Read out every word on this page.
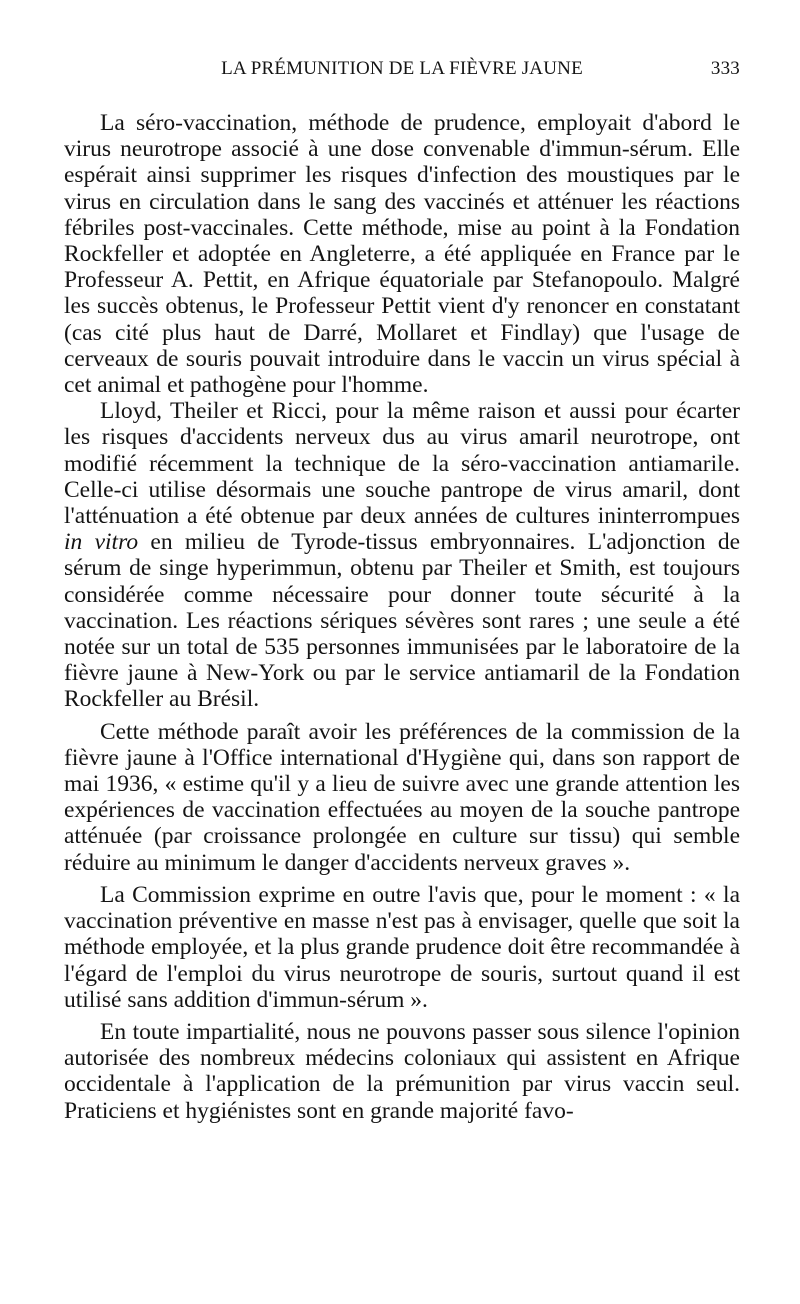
LA PRÉMUNITION DE LA FIÈVRE JAUNE	333

La séro-vaccination, méthode de prudence, employait d'abord le virus neurotrope associé à une dose convenable d'immun-sérum. Elle espérait ainsi supprimer les risques d'infection des moustiques par le virus en circulation dans le sang des vaccinés et atténuer les réactions fébriles post-vaccinales. Cette méthode, mise au point à la Fondation Rockfeller et adoptée en Angleterre, a été appliquée en France par le Professeur A. Pettit, en Afrique équatoriale par Stefanopoulo. Malgré les succès obtenus, le Professeur Pettit vient d'y renoncer en constatant (cas cité plus haut de Darré, Mollaret et Findlay) que l'usage de cerveaux de souris pouvait introduire dans le vaccin un virus spécial à cet animal et pathogène pour l'homme.

Lloyd, Theiler et Ricci, pour la même raison et aussi pour écarter les risques d'accidents nerveux dus au virus amaril neurotrope, ont modifié récemment la technique de la séro-vaccination antiamarile. Celle-ci utilise désormais une souche pantrope de virus amaril, dont l'atténuation a été obtenue par deux années de cultures ininterrompues in vitro en milieu de Tyrode-tissus embryonnaires. L'adjonction de sérum de singe hyperimmun, obtenu par Theiler et Smith, est toujours considérée comme nécessaire pour donner toute sécurité à la vaccination. Les réactions sériques sévères sont rares ; une seule a été notée sur un total de 535 personnes immunisées par le laboratoire de la fièvre jaune à New-York ou par le service antiamaril de la Fondation Rockfeller au Brésil.

Cette méthode paraît avoir les préférences de la commission de la fièvre jaune à l'Office international d'Hygiène qui, dans son rapport de mai 1936, « estime qu'il y a lieu de suivre avec une grande attention les expériences de vaccination effectuées au moyen de la souche pantrope atténuée (par croissance prolongée en culture sur tissu) qui semble réduire au minimum le danger d'accidents nerveux graves ».

La Commission exprime en outre l'avis que, pour le moment : « la vaccination préventive en masse n'est pas à envisager, quelle que soit la méthode employée, et la plus grande prudence doit être recommandée à l'égard de l'emploi du virus neurotrope de souris, surtout quand il est utilisé sans addition d'immun-sérum ».

En toute impartialité, nous ne pouvons passer sous silence l'opinion autorisée des nombreux médecins coloniaux qui assistent en Afrique occidentale à l'application de la prémunition par virus vaccin seul. Praticiens et hygiénistes sont en grande majorité favo-
